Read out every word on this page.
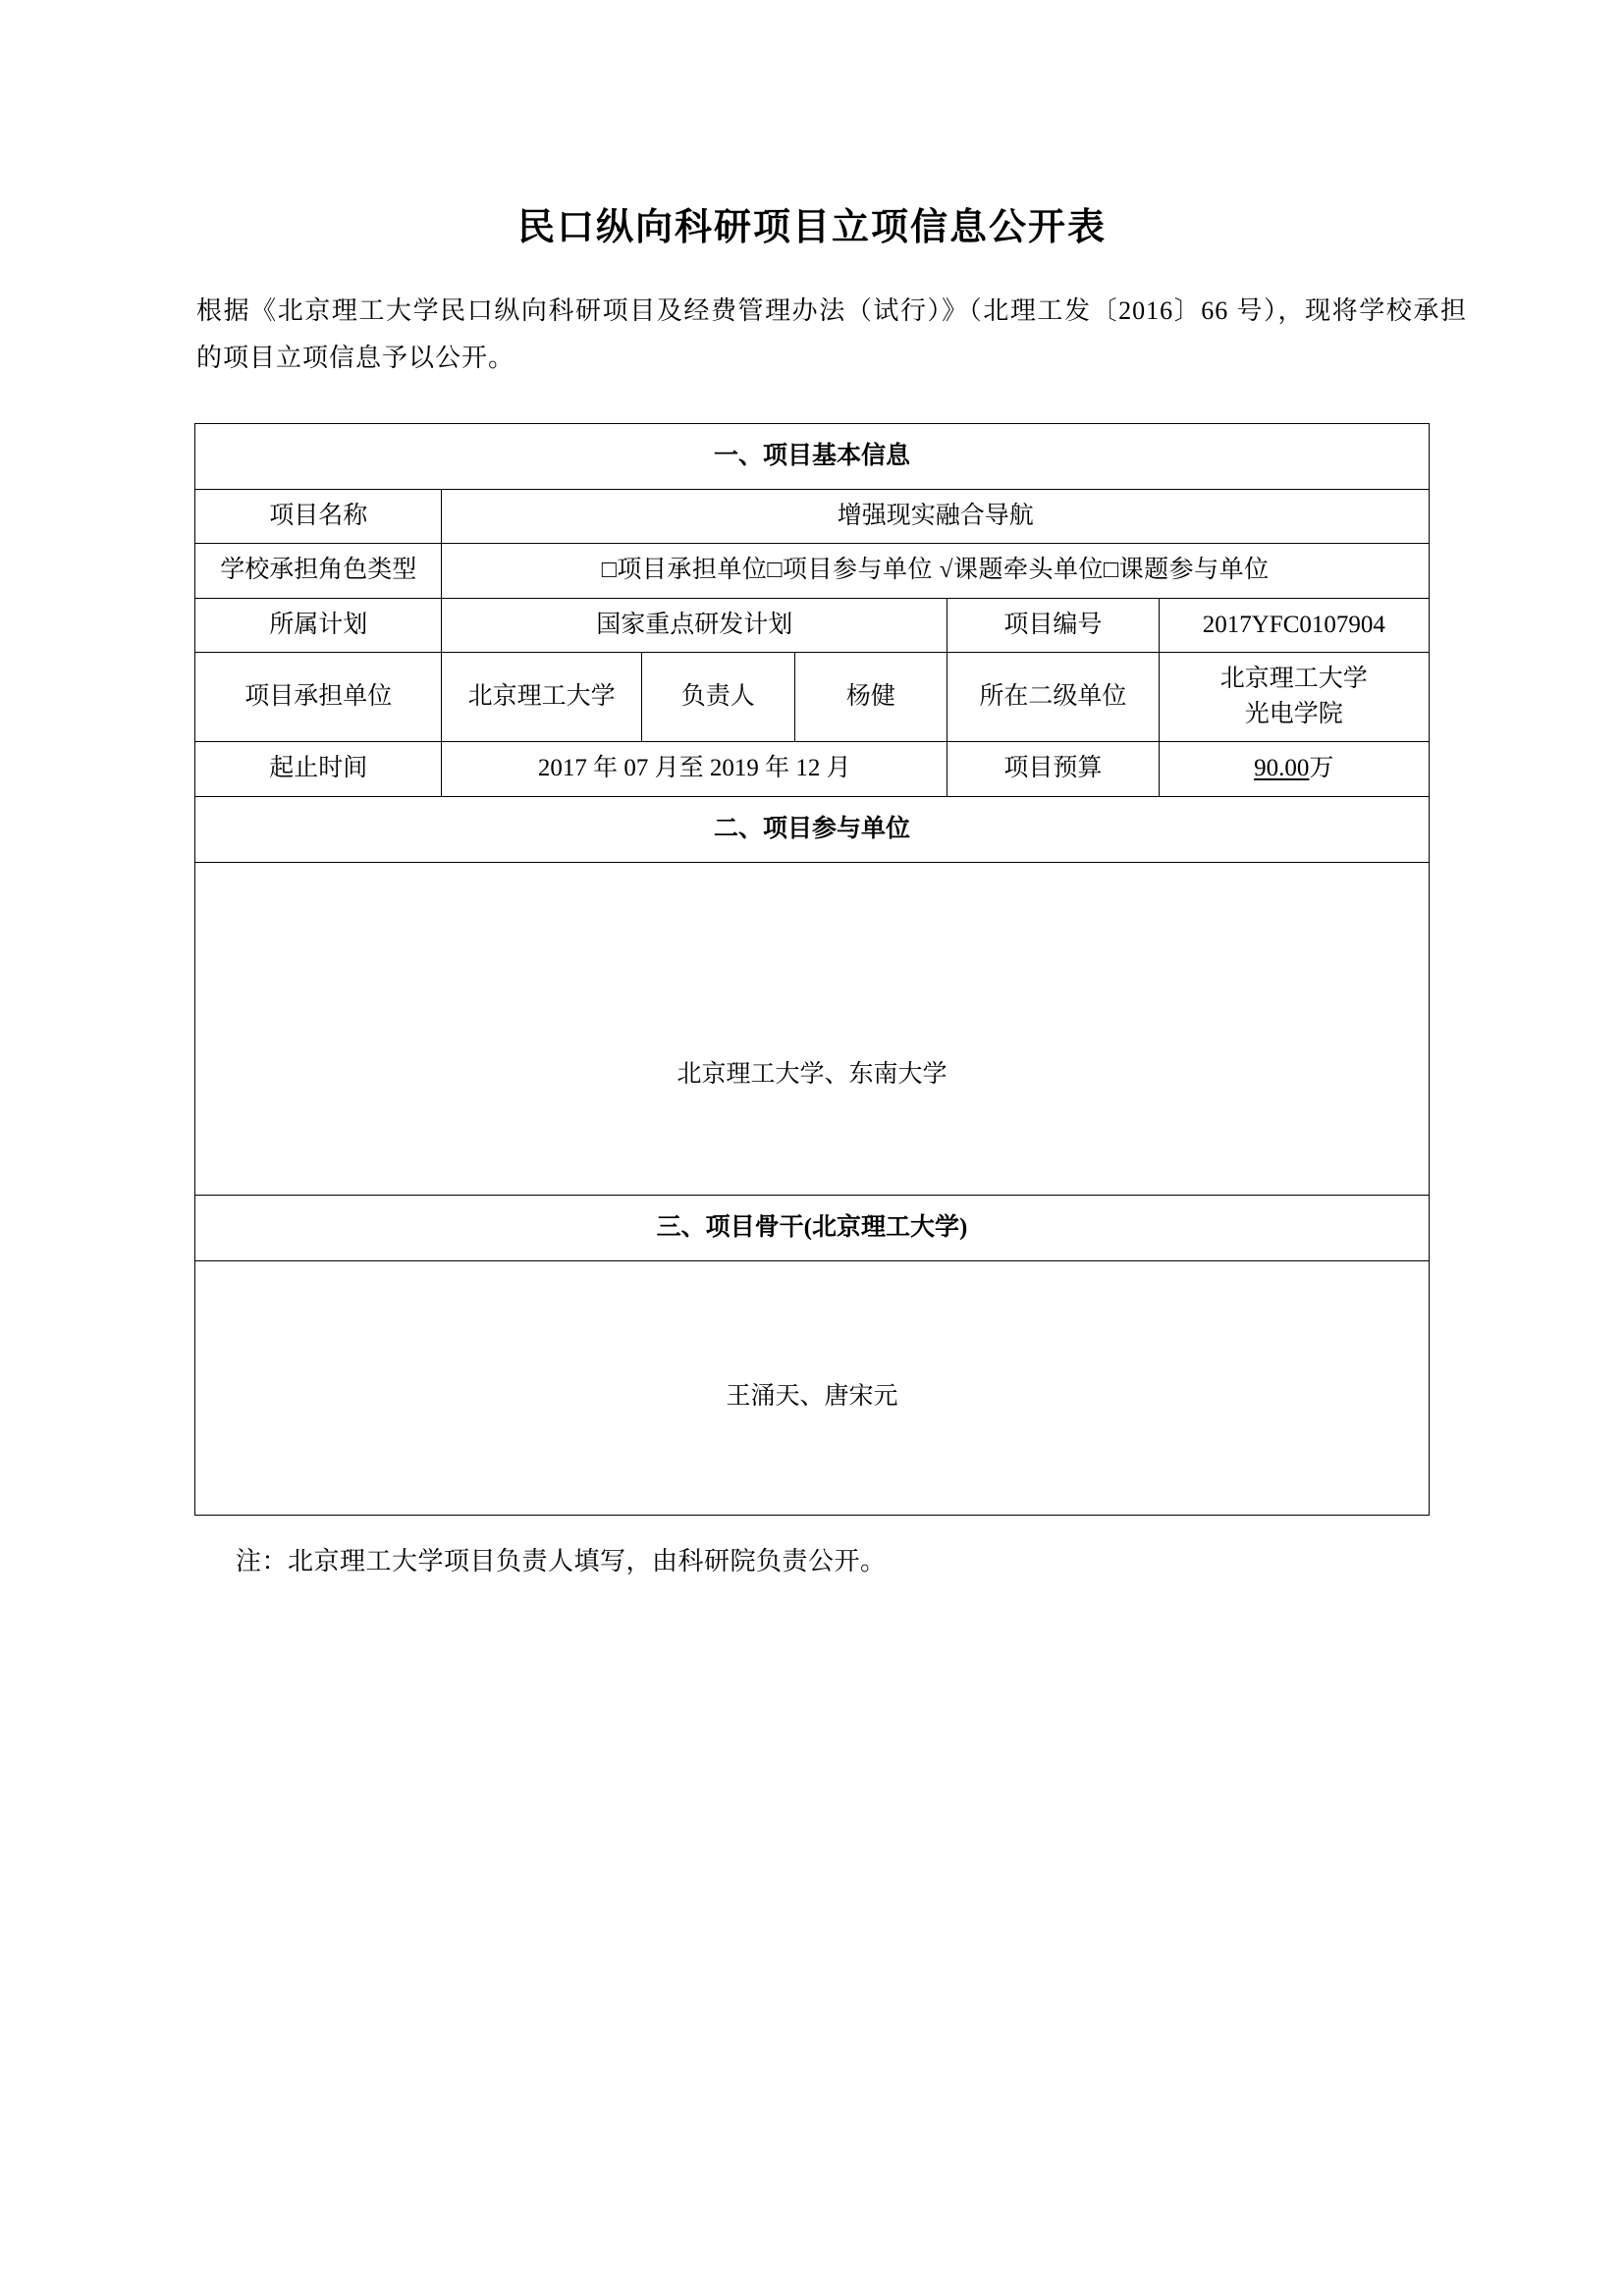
民口纵向科研项目立项信息公开表
根据《北京理工大学民口纵向科研项目及经费管理办法（试行）》（北理工发〔2016〕66 号），现将学校承担的项目立项信息予以公开。
一、项目基本信息					
项目名称	增强现实融合导航				
学校承担角色类型	□项目承担单位□项目参与单位 √课题牵头单位□课题参与单位				
所属计划	国家重点研发计划			项目编号	2017YFC0107904
项目承担单位	北京理工大学	负责人	杨健	所在二级单位	北京理工大学
光电学院

起止时间	2017 年 07 月至 2019 年 12 月			项目预算	90.00万
二、项目参与单位					

北京理工大学、东南大学					

三、项目骨干(北京理工大学)					

王涌天、唐宋元					
注：北京理工大学项目负责人填写，由科研院负责公开。
